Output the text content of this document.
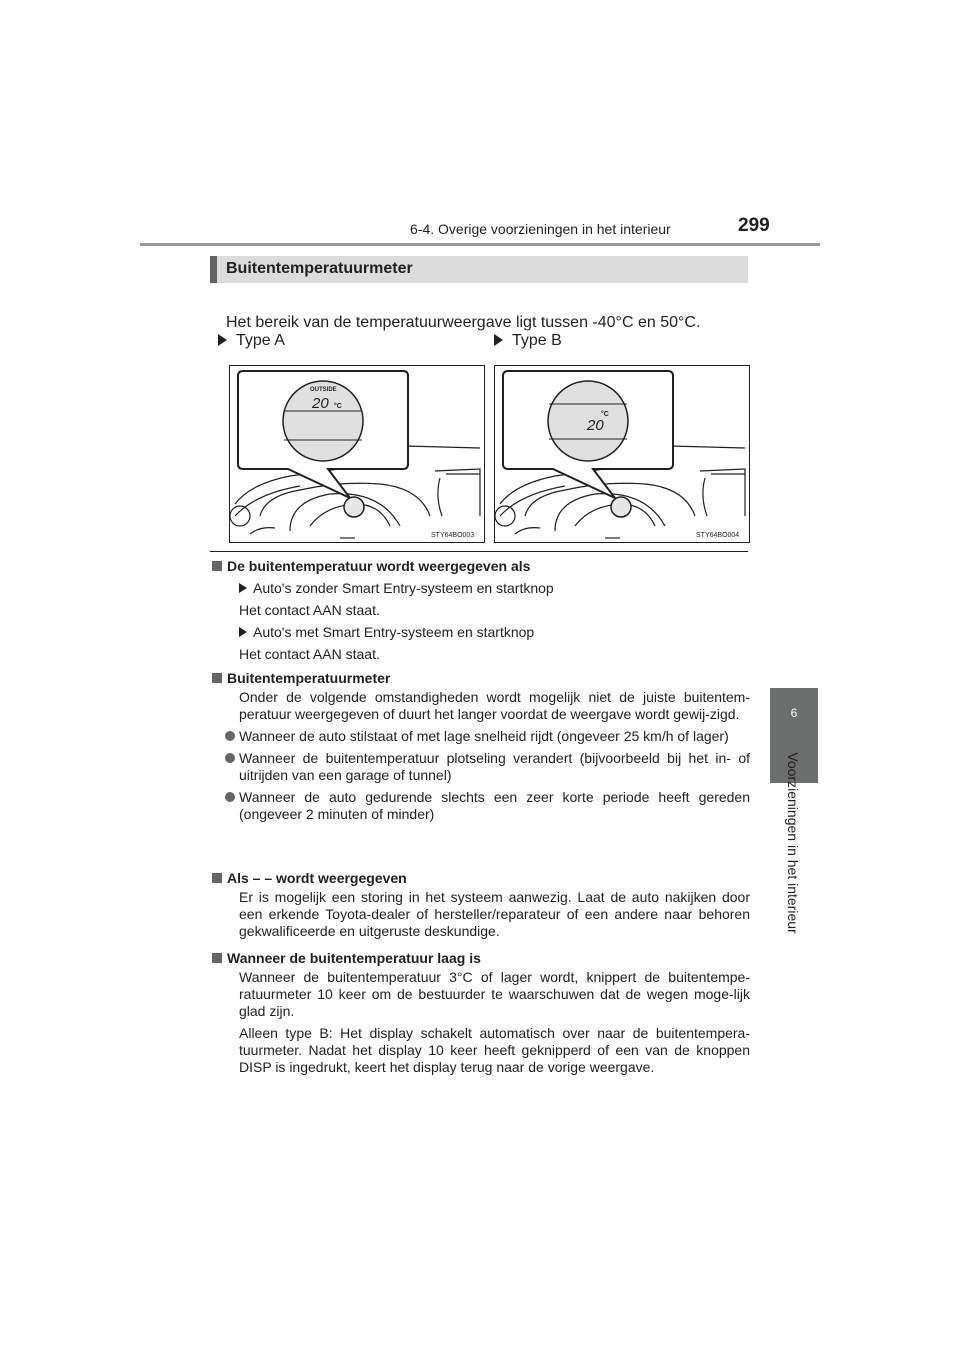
6-4. Overige voorzieningen in het interieur	299
6
Voorzieningen in het interieur
Buitentemperatuurmeter
Het bereik van de temperatuurweergave ligt tussen -40°C en 50°C.
Type A	Type B
OUTSIDE
20 °C
STY64BO003
°C
20
STY64BO004
De buitentemperatuur wordt weergegeven als
Auto's zonder Smart Entry-systeem en startknop
Het contact AAN staat.
Auto's met Smart Entry-systeem en startknop
Het contact AAN staat.
Buitentemperatuurmeter
Onder de volgende omstandigheden wordt mogelijk niet de juiste buitentem-peratuur weergegeven of duurt het langer voordat de weergave wordt gewij-zigd.
Wanneer de auto stilstaat of met lage snelheid rijdt (ongeveer 25 km/h of lager)
Wanneer de buitentemperatuur plotseling verandert (bijvoorbeeld bij het in- of uitrijden van een garage of tunnel)
Wanneer de auto gedurende slechts een zeer korte periode heeft gereden (ongeveer 2 minuten of minder)
Als – – wordt weergegeven
Er is mogelijk een storing in het systeem aanwezig. Laat de auto nakijken door een erkende Toyota-dealer of hersteller/reparateur of een andere naar behoren gekwalificeerde en uitgeruste deskundige.
Wanneer de buitentemperatuur laag is
Wanneer de buitentemperatuur 3°C of lager wordt, knippert de buitentempe-ratuurmeter 10 keer om de bestuurder te waarschuwen dat de wegen moge-lijk glad zijn.
Alleen type B: Het display schakelt automatisch over naar de buitentempera-tuurmeter. Nadat het display 10 keer heeft geknipperd of een van de knoppen DISP is ingedrukt, keert het display terug naar de vorige weergave.
